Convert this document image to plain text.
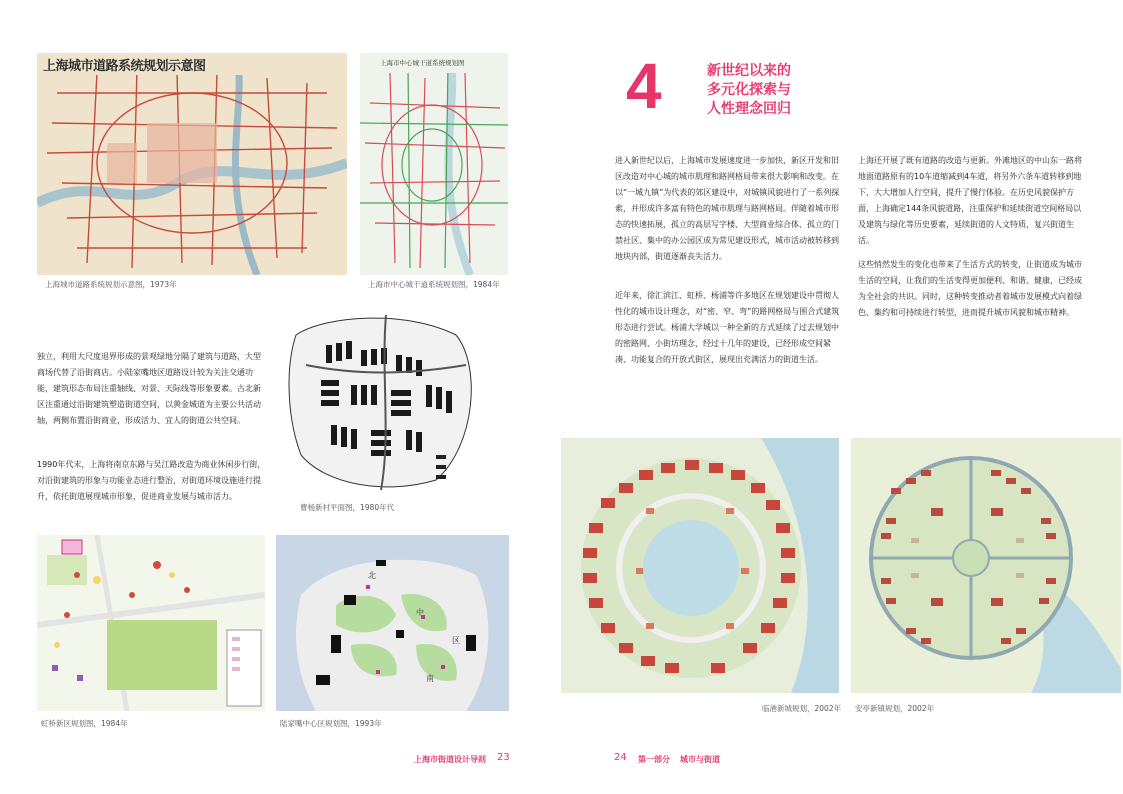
上海城市道路系统规划示意图
上海城市道路系统规划示意图，1973年
上海市中心城干道系统规划图
上海市中心城干道系统规划图，1984年
独立，利用大尺度退界形成的景观绿地分隔了建筑与道路，大型商场代替了沿街商店。小陆家嘴地区道路设计较为关注交通功能，建筑形态布局注重轴线、对景、天际线等形象要素。古北新区注重通过沿街建筑塑造街道空间，以黄金城道为主要公共活动轴，两侧布置沿街商业，形成活力、宜人的街道公共空间。
1990年代末，上海将南京东路与吴江路改造为商业休闲步行街，对沿街建筑的形象与功能业态进行整治，对街道环境设施进行提升，依托街道展现城市形象，促进商业发展与城市活力。
曹杨新村平面图，1980年代
虹桥新区规划图，1984年
北
中
区
南
陆家嘴中心区规划图，1993年
上海市街道设计导则 23
4	新世纪以来的
多元化探索与
人性理念回归
进入新世纪以后，上海城市发展速度进一步加快，新区开发和旧区改造对中心城的城市肌理和路网格局带来很大影响和改变。在以“一城九镇”为代表的郊区建设中，对城镇风貌进行了一系列探索，并形成许多富有特色的城市肌理与路网格局。伴随着城市形态的快速拓展，孤立的高层写字楼、大型商业综合体、孤立的门禁社区、集中的办公园区成为常见建设形式，城市活动被转移到地块内部，街道逐渐丧失活力。
近年来，徐汇滨江、虹桥、杨浦等许多地区在规划建设中贯彻人性化的城市设计理念，对“密、窄、弯”的路网格局与围合式建筑形态进行尝试。杨浦大学城以一种全新的方式延续了过去规划中的密路网、小街坊理念，经过十几年的建设，已经形成空间紧凑、功能复合的开放式街区，展现出充满活力的街道生活。
上海还开展了既有道路的改造与更新。外滩地区的中山东一路将地面道路原有的10车道缩减到4车道，将另外六条车道转移到地下，大大增加人行空间，提升了慢行体验。在历史风貌保护方面，上海确定144条风貌道路，注重保护和延续街道空间格局以及建筑与绿化等历史要素，延续街道的人文特质，复兴街道生活。
这些悄然发生的变化也带来了生活方式的转变，让街道成为城市生活的空间，让我们的生活变得更加便利、和谐、健康，已经成为全社会的共识。同时，这种转变推动者着城市发展模式向着绿色、集约和可持续进行转型，进而提升城市风貌和城市精神。
临港新城规划，2002年 安亭新镇规划，2002年
24 第一部分 城市与街道
